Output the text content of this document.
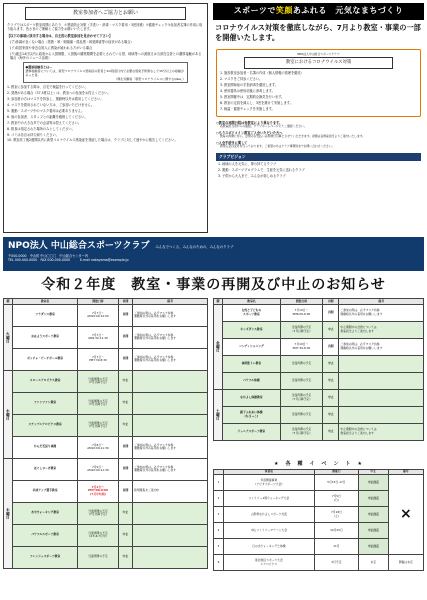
教室参加者へご協力とお願い
クラブではスポーツ教室再開にあたり、①感染防止対策（手洗い・消毒・マスク着用・3密回避）②健康チェック③参加者名簿の作成に取り組みます。皆さまのご理解とご協力をお願いいたします。
【以下の事項に該当する場合は、自主的に教室参加を見合わせて下さい】
(ア)体調が良くない場合（発熱・咳・咽頭痛・倦怠感・味覚障害等の症状がある場合）
(イ)同居家族や身近な知人に感染が疑われる方がいる場合
(ウ)過去14日以内に政府から入国制限、入国後の観察期間を必要とされている国、地域等への渡航又は当該在住者との濃厚接触がある場合（海外のニュース参照）
●濃厚接触者とは…
濃厚接触者については、新型コロナウイルス感染症の患者と1m程度以内で必要な感染予防策なしで15分以上の接触があった者。
（厚生労働省「新型コロナウイルスに関するQ&A」）
1. 教室に参加する際は、自宅で検温を行ってください。
2. 発熱がある場合（37.5度以上）は、教室への参加をお控えください。
3. 参加者の方はマスクを持参し、運動時以外は着用してください。
4. マスクを着用されていない方は、ご参加いただけません。
5. 運動・スポーツ中のマスク着用は必要ありません。
6. 他の参加者、スタッフとの距離を確保してください。
7. 教室中の大きな声での会話等は控えてください。
8. 飲食は指定された場所のみとしてください。
9. ゴミは各自お持ち帰りください。
10. 教室終了後2週間以内に新型コロナウイルス感染症を発症した場合は、クラブに対して速やかに報告してください。
スポーツで笑顔あふれる　元気なまちづくり
コロナウイルス対策を徹底しながら、7月より教室・事業の一部を開催いたします。
NPO法人中山総合スポーツクラブ
教室におけるコロナウイルス対策
1. 施設教室参加者・名簿の作成（個人情報の管理を徹底）
2. マスクをご持参ください。
3. 教室開始前の手指消毒を徹底します。
4. 使用器具は使用前後に消毒します。
5. 教室開催中は、定期的な換気を行います。
6. 教室の定員を減らし、3密を避けて実施します。
7. 検温・健康チェックを実施します。
○教室の再開日程は各教室により異なります。
各教室担当者からの連絡、クラブホームページにてご確認ください。
○もりスポドメイン教室ご入会いただいた方へ
教室の再開に伴い、会費のお支払いは再開日以降とさせていただきます。詳細は各教室担当よりご案内いたします。
○入会手続きに関して
新規入会は受付を行っております。ご希望の方はクラブ事務局までお問い合わせください。
クラブビジョン
1. 地域の人を元気に、夢の持てるクラブ
2. 運動・スポーツプログラムで、生涯を元気に送れるクラブ
3. 子供から大人まで、みんなが楽しめるクラブ
NPO法人 中山総合スポーツクラブ みんなでつくる、みんなのための、みんなのクラブ
〒000-0000　中山町 中山〇〇〇　中山総合センター内
TEL 000-000-0000　FAX 000-000-0000	E-mail nakayama@example.jp
令和２年度　教室・事業の再開及び中止のお知らせ
曜	教室名	開始日時	再開	備考
火曜日	フラダンス教室	7月7日～
AM10:00-12:00	再開	ご参加の際は、必ずマスク持参
運動時以外の着用をお願いします
	おはようスポーツ教室	7月7日～
AM9:30-11:30	再開	ご参加の際は、必ずマスク持参
運動時以外の着用をお願いします
	ボッチャ・ビーチボール教室	7月7日～
PM7:30-8:30	再開	ご参加の際は、必ずマスク持参
運動時以外の着用をお願いします
水曜日	スローエアロビクス教室	当面再開の予定
(7月以降予定)	中止	
	ファンファン教室	当面再開の予定
(7月以降予定)	中止	
	ステップエアロビクス教室	当面再開の予定
(7月以降予定)	中止	
	からだ若返り体操	7月8日～
AM10:00-11:30	再開	ご参加の際は、必ずマスク持参
運動時以外の着用をお願いします
木曜日	ほぐしヨーガ教室	7月9日～
AM10:00-11:30	再開	ご参加の際は、必ずマスク持参
運動時以外の着用をお願いします
	卓球アップ選手教室	7月2日～
PM7:00-9:00
(7月中旬頃)	再開	新規募集をご案内中
	水中ウォーキング教室	当面再開の予定
(7月以降予定)	中止	
	パワフルスポーツ教室	当面再開の予定
(4.5.6.7月中)	中止	
	フレッシュスポーツ教室	当面再開の予定	中止	
曜	教室名	開始日時	再開	備考
金曜日	女性と子どもの
スポーツ教室	7月10日～
PM6:00-8:00	再開	ご参加の際は、必ずマスク持参
運動時以外の着用をお願いします
	キッズダンス教室	当面再開の予定
(7月以降予定)	中止	中止期間中の会費については
教室担当よりご案内します
	コンディショニング	7月10日～
PM7:30-8:30	再開	ご参加の際は、必ずマスク持参
運動時以外の着用をお願いします
	体幹筋トレ教室	当面再開の予定	中止	
	パワフル体操	当面再開の予定	中止	
土曜日	なかよし体操教室	当面再開の予定
(7月以降予定)	中止	
	親子ふれあい体操
(ちびっこ)	当面再開の予定	中止	
	ジュニアスポーツ教室	当面再開の予定
(7月以降予定)	中止	中止期間中の会費については
教室担当よりご案内します
★　各　種　イ　ベ　ン　ト　★
	事業名	開催日	中止	備考
1	年度開催事業
(アピタスポーツ大会)	5月15日-17日	中止決定	×
2	ファミリー1周ウォーキング大会	7月5日
(日)	中止決定	
3	山形県なかよしスポーツ交流	7月18日
(土)	中止決定	
4	中山ファミリーマラソン大会	10月25日	中止決定	
5	日の出ウォーキングと体操	11月	中止決定	
6	東北地区スポーツ大会
エアロビクス	2月予定	未定	開催は未定
